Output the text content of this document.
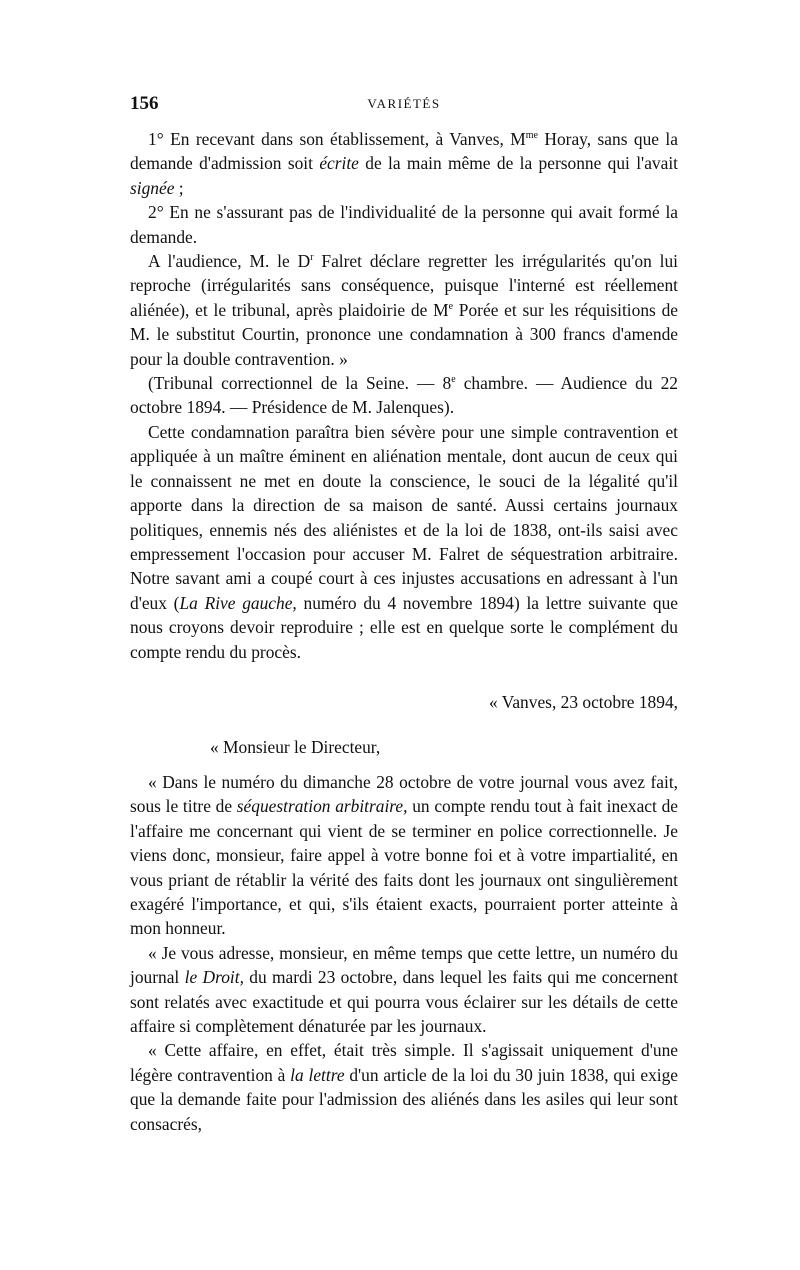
156	VARIÉTÉS

1° En recevant dans son établissement, à Vanves, $M^{me}$ Horay, sans que la demande d'admission soit écrite de la main même de la personne qui l'avait signée ;

2° En ne s'assurant pas de l'individualité de la personne qui avait formé la demande.

A l'audience, M. le $D^r$ Falret déclare regretter les irrégularités qu'on lui reproche (irrégularités sans conséquence, puisque l'interné est réellement aliénée), et le tribunal, après plaidoirie de Me Porée et sur les réquisitions de M. le substitut Courtin, prononce une condamnation à 300 francs d'amende pour la double contravention. »

(Tribunal correctionnel de la Seine. — 8e chambre. — Audience du 22 octobre 1894. — Présidence de M. Jalenques).

Cette condamnation paraîtra bien sévère pour une simple contravention et appliquée à un maître éminent en aliénation mentale, dont aucun de ceux qui le connaissent ne met en doute la conscience, le souci de la légalité qu'il apporte dans la direction de sa maison de santé. Aussi certains journaux politiques, ennemis nés des aliénistes et de la loi de 1838, ont-ils saisi avec empressement l'occasion pour accuser M. Falret de séquestration arbitraire. Notre savant ami a coupé court à ces injustes accusations en adressant à l'un d'eux (La Rive gauche, numéro du 4 novembre 1894) la lettre suivante que nous croyons devoir reproduire ; elle est en quelque sorte le complément du compte rendu du procès.

« Vanves, 23 octobre 1894,
« Monsieur le Directeur,

« Dans le numéro du dimanche 28 octobre de votre journal vous avez fait, sous le titre de séquestration arbitraire, un compte rendu tout à fait inexact de l'affaire me concernant qui vient de se terminer en police correctionnelle. Je viens donc, monsieur, faire appel à votre bonne foi et à votre impartialité, en vous priant de rétablir la vérité des faits dont les journaux ont singulièrement exagéré l'importance, et qui, s'ils étaient exacts, pourraient porter atteinte à mon honneur.

« Je vous adresse, monsieur, en même temps que cette lettre, un numéro du journal le Droit, du mardi 23 octobre, dans lequel les faits qui me concernent sont relatés avec exactitude et qui pourra vous éclairer sur les détails de cette affaire si complètement dénaturée par les journaux.

« Cette affaire, en effet, était très simple. Il s'agissait uniquement d'une légère contravention à la lettre d'un article de la loi du 30 juin 1838, qui exige que la demande faite pour l'admission des aliénés dans les asiles qui leur sont consacrés,
